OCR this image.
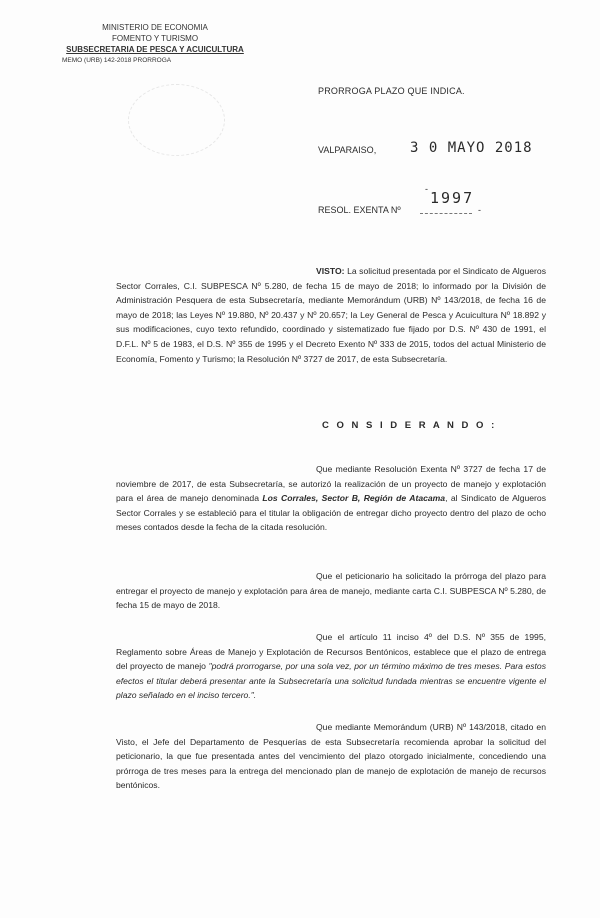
MINISTERIO DE ECONOMIA
FOMENTO Y TURISMO
SUBSECRETARIA DE PESCA Y ACUICULTURA
MEMO (URB) 142-2018 PRORROGA
PRORROGA PLAZO QUE INDICA.
VALPARAISO, 3 0 MAYO 2018
- 1997
RESOL. EXENTA Nº	-

VISTO: La solicitud presentada por el Sindicato de Algueros Sector Corrales, C.I. SUBPESCA Nº 5.280, de fecha 15 de mayo de 2018; lo informado por la División de Administración Pesquera de esta Subsecretaría, mediante Memorándum (URB) Nº 143/2018, de fecha 16 de mayo de 2018; las Leyes Nº 19.880, Nº 20.437 y Nº 20.657; la Ley General de Pesca y Acuicultura Nº 18.892 y sus modificaciones, cuyo texto refundido, coordinado y sistematizado fue fijado por D.S. Nº 430 de 1991, el D.F.L. Nº 5 de 1983, el D.S. Nº 355 de 1995 y el Decreto Exento Nº 333 de 2015, todos del actual Ministerio de Economía, Fomento y Turismo; la Resolución Nº 3727 de 2017, de esta Subsecretaría.

C O N S I D E R A N D O :

Que mediante Resolución Exenta Nº 3727 de fecha 17 de noviembre de 2017, de esta Subsecretaría, se autorizó la realización de un proyecto de manejo y explotación para el área de manejo denominada Los Corrales, Sector B, Región de Atacama, al Sindicato de Algueros Sector Corrales y se estableció para el titular la obligación de entregar dicho proyecto dentro del plazo de ocho meses contados desde la fecha de la citada resolución.

Que el peticionario ha solicitado la prórroga del plazo para entregar el proyecto de manejo y explotación para área de manejo, mediante carta C.I. SUBPESCA Nº 5.280, de fecha 15 de mayo de 2018.

Que el artículo 11 inciso 4º del D.S. Nº 355 de 1995, Reglamento sobre Áreas de Manejo y Explotación de Recursos Bentónicos, establece que el plazo de entrega del proyecto de manejo "podrá prorrogarse, por una sola vez, por un término máximo de tres meses. Para estos efectos el titular deberá presentar ante la Subsecretaría una solicitud fundada mientras se encuentre vigente el plazo señalado en el inciso tercero.".

Que mediante Memorándum (URB) Nº 143/2018, citado en Visto, el Jefe del Departamento de Pesquerías de esta Subsecretaría recomienda aprobar la solicitud del peticionario, la que fue presentada antes del vencimiento del plazo otorgado inicialmente, concediendo una prórroga de tres meses para la entrega del mencionado plan de manejo de explotación de manejo de recursos bentónicos.
